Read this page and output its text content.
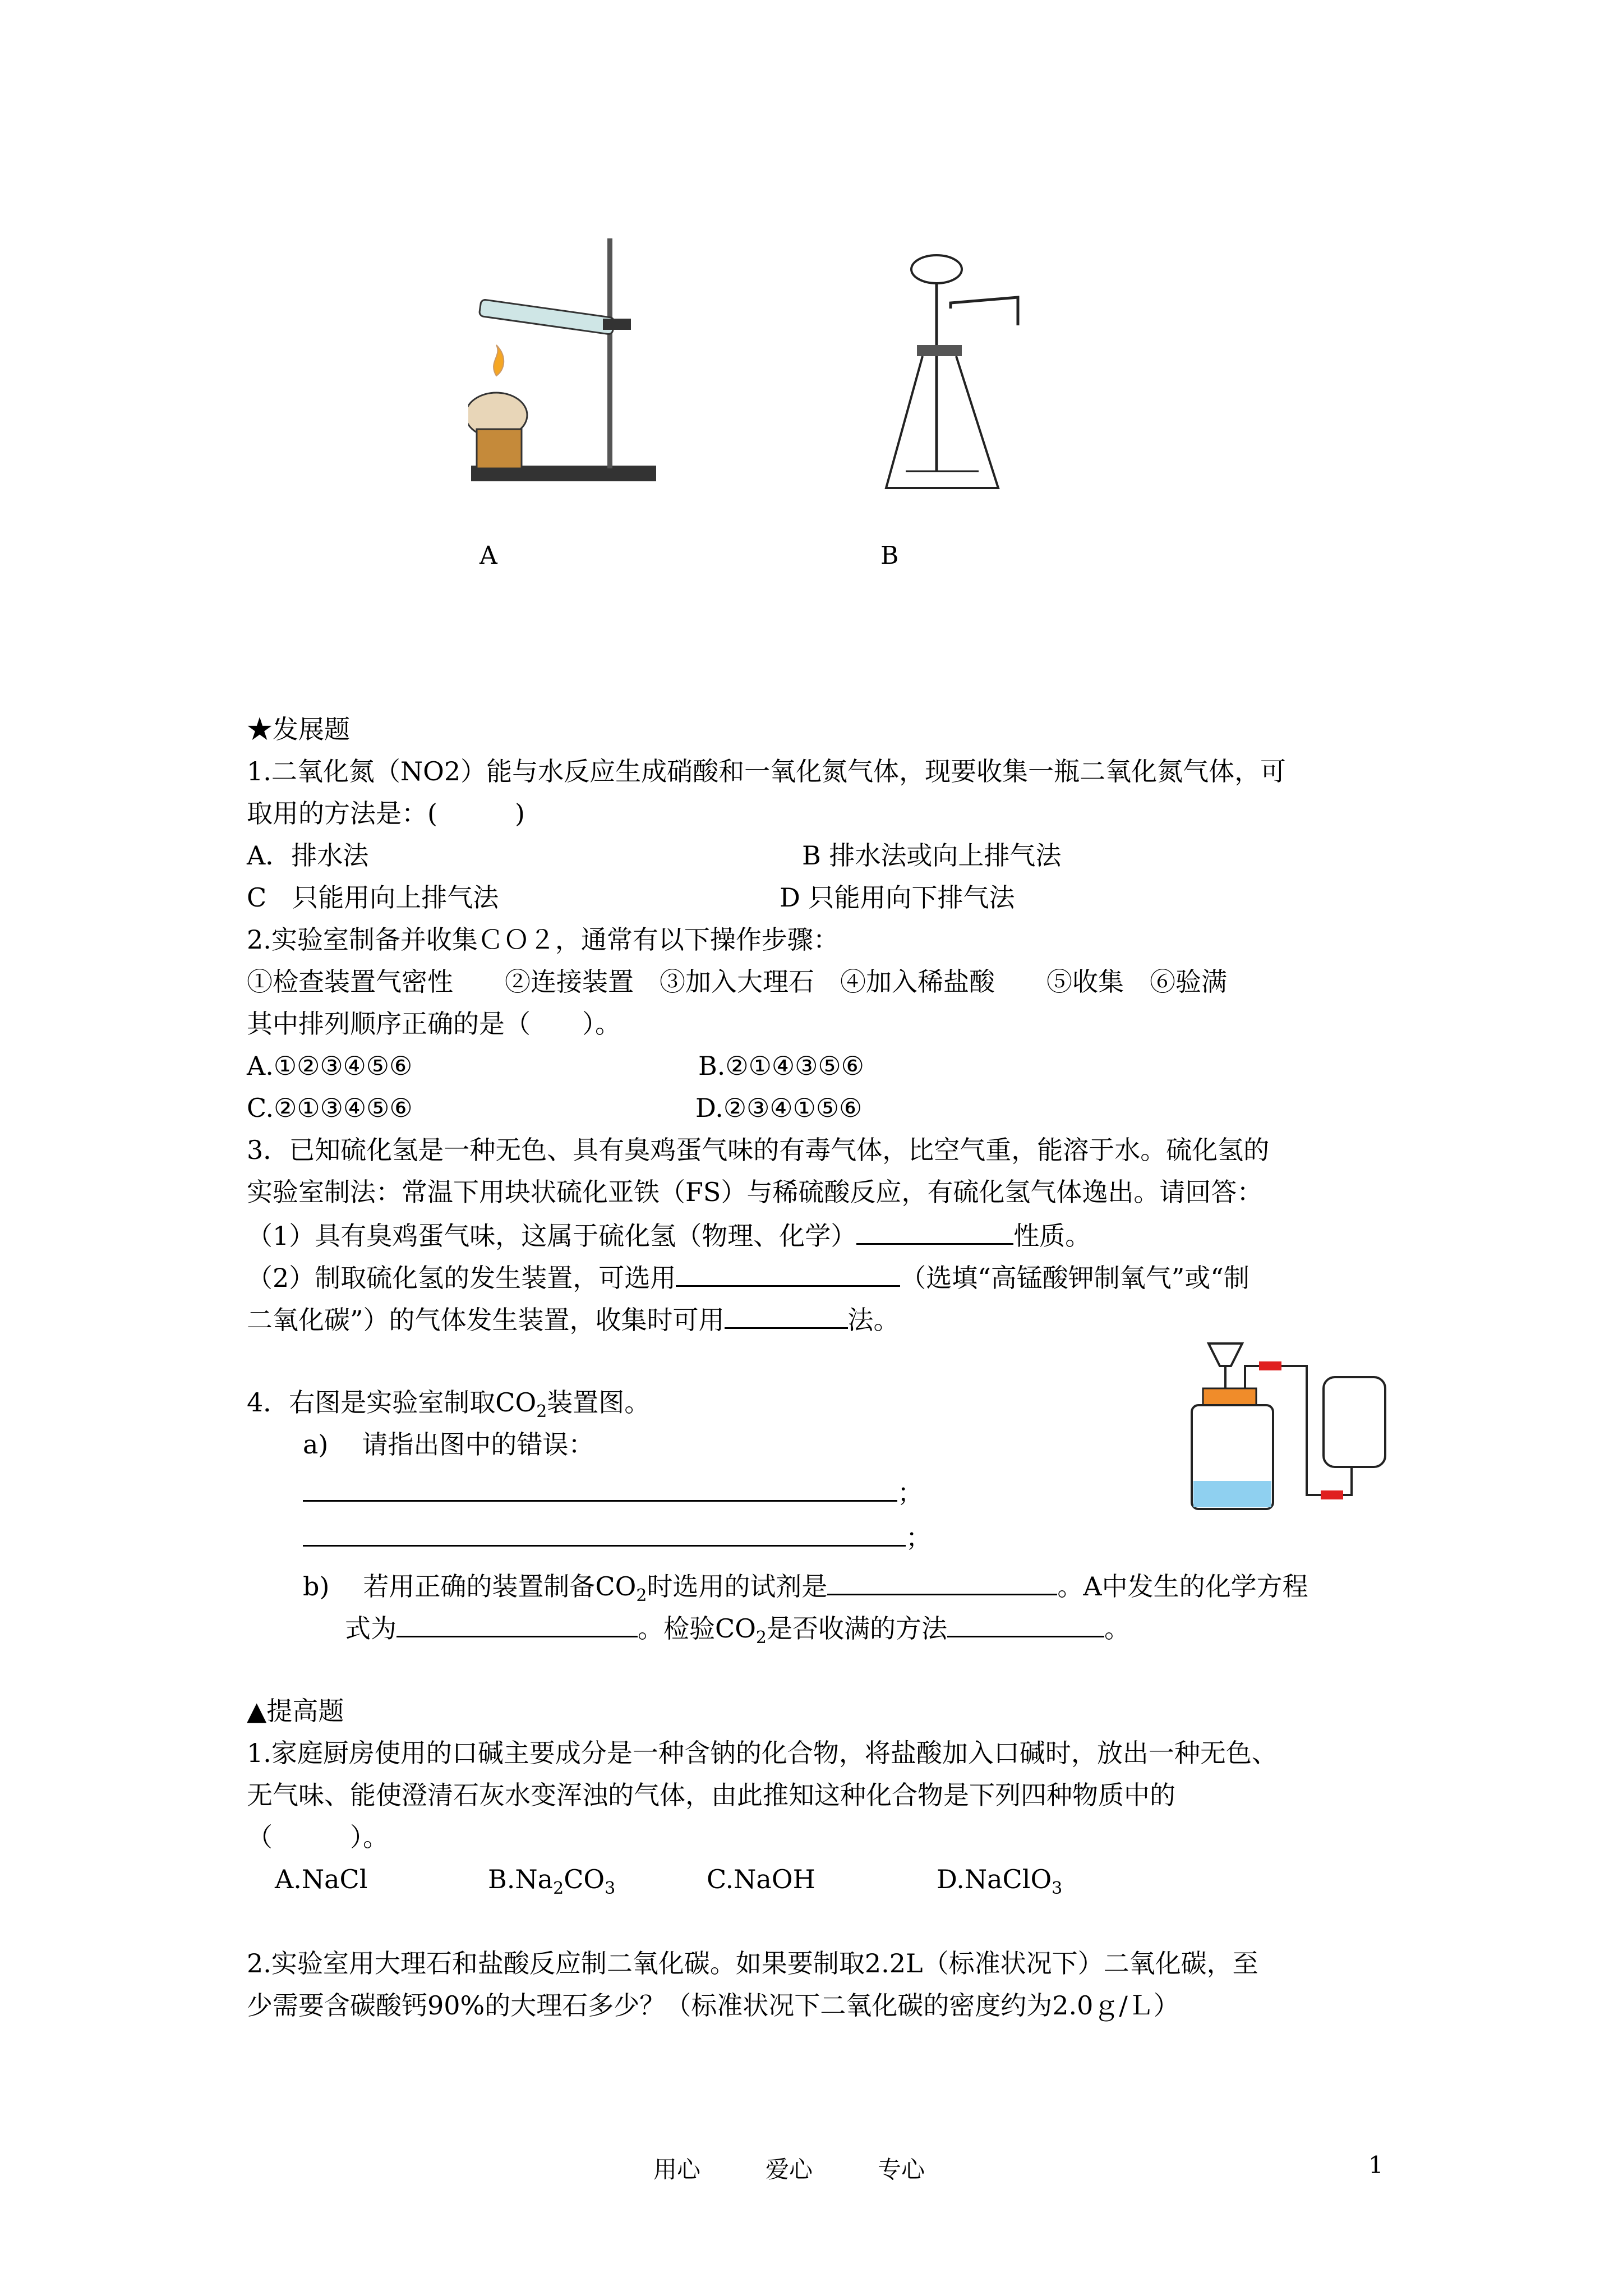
A	B
★发展题
1.二氧化氮（NO2）能与水反应生成硝酸和一氧化氮气体，现要收集一瓶二氧化氮气体，可
取用的方法是：(　　　)
A．排水法	B 排水法或向上排气法
C　只能用向上排气法	D 只能用向下排气法
2.实验室制备并收集ＣＯ２，通常有以下操作步骤：
①检查装置气密性　　②连接装置　③加入大理石　④加入稀盐酸　　⑤收集　⑥验满
其中排列顺序正确的是（　　）。
A.①②③④⑤⑥	B.②①④③⑤⑥
C.②①③④⑤⑥	D.②③④①⑤⑥
3．已知硫化氢是一种无色、具有臭鸡蛋气味的有毒气体，比空气重，能溶于水。硫化氢的
实验室制法：常温下用块状硫化亚铁（FS）与稀硫酸反应，有硫化氢气体逸出。请回答：
（1）具有臭鸡蛋气味，这属于硫化氢（物理、化学）	性质。
（2）制取硫化氢的发生装置，可选用	（选填“高锰酸钾制氧气”或“制
二氧化碳”）的气体发生装置，收集时可用	法。
4．右图是实验室制取$CO_2$装置图。
a) 请指出图中的错误：
；
；
b) 若用正确的装置制备$CO_2$时选用的试剂是	。A中发生的化学方程
式为	。检验$CO_2$是否收满的方法	。
▲提高题
1.家庭厨房使用的口碱主要成分是一种含钠的化合物，将盐酸加入口碱时，放出一种无色、
无气味、能使澄清石灰水变浑浊的气体，由此推知这种化合物是下列四种物质中的
（　　　）。
A.NaCl	$B.Na_2CO_3$	C.NaOH	D.NaClO$_3$
2.实验室用大理石和盐酸反应制二氧化碳。如果要制取2.2L（标准状况下）二氧化碳，至
少需要含碳酸钙90%的大理石多少？（标准状况下二氧化碳的密度约为2.0ｇ/Ｌ）
用心	爱心	专心	1
